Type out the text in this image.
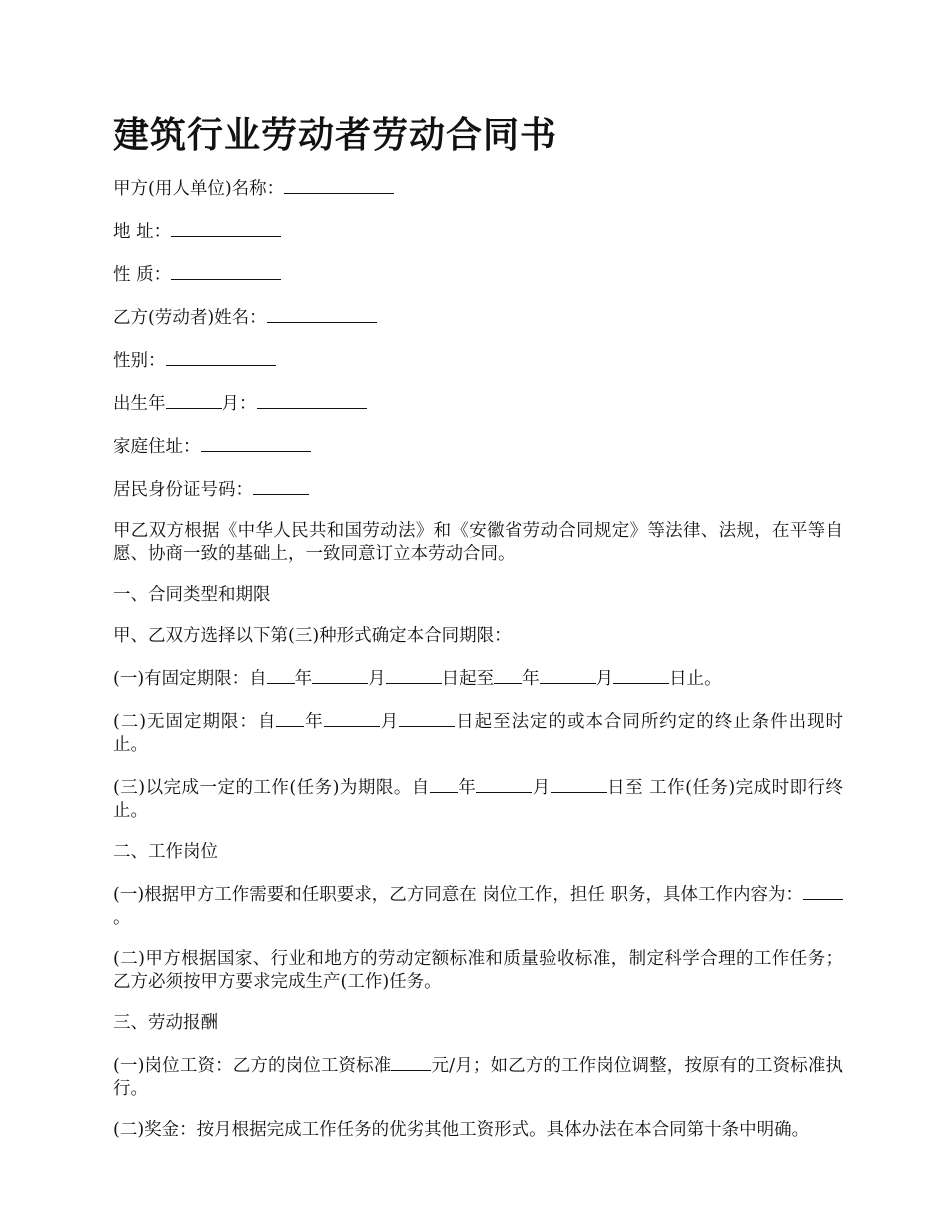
建筑行业劳动者劳动合同书

甲方(用人单位)名称：

地 址：

性 质：

乙方(劳动者)姓名：

性别：

出生年	月：

家庭住址：

居民身份证号码：

甲乙双方根据《中华人民共和国劳动法》和《安徽省劳动合同规定》等法律、法规，在平等自愿、协商一致的基础上，一致同意订立本劳动合同。

一、合同类型和期限

甲、乙双方选择以下第(三)种形式确定本合同期限：

(一)有固定期限：自 年	月	日起至 年	月	日止。

(二)无固定期限：自 年	月	日起至法定的或本合同所约定的终止条件出现时止。

(三)以完成一定的工作(任务)为期限。自 年	月	日至 工作(任务)完成时即行终止。

二、工作岗位

(一)根据甲方工作需要和任职要求，乙方同意在 岗位工作，担任 职务，具体工作内容为：。

(二)甲方根据国家、行业和地方的劳动定额标准和质量验收标准，制定科学合理的工作任务；乙方必须按甲方要求完成生产(工作)任务。

三、劳动报酬

(一)岗位工资：乙方的岗位工资标准 元/月；如乙方的工作岗位调整，按原有的工资标准执行。

(二)奖金：按月根据完成工作任务的优劣其他工资形式。具体办法在本合同第十条中明确。
